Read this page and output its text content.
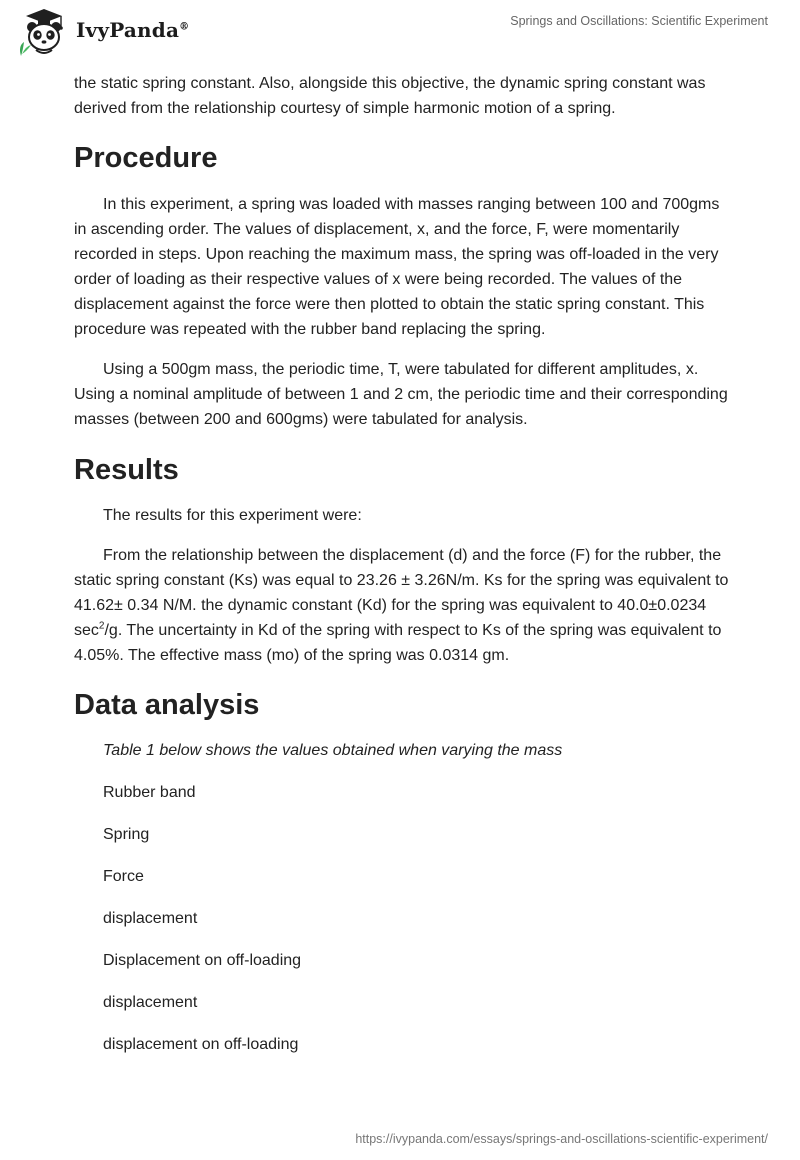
IvyPanda®	Springs and Oscillations: Scientific Experiment

the static spring constant. Also, alongside this objective, the dynamic spring constant was derived from the relationship courtesy of simple harmonic motion of a spring.

Procedure

In this experiment, a spring was loaded with masses ranging between 100 and 700gms in ascending order. The values of displacement, x, and the force, F, were momentarily recorded in steps. Upon reaching the maximum mass, the spring was off-loaded in the very order of loading as their respective values of x were being recorded. The values of the displacement against the force were then plotted to obtain the static spring constant. This procedure was repeated with the rubber band replacing the spring.

Using a 500gm mass, the periodic time, T, were tabulated for different amplitudes, x. Using a nominal amplitude of between 1 and 2 cm, the periodic time and their corresponding masses (between 200 and 600gms) were tabulated for analysis.

Results

The results for this experiment were:

From the relationship between the displacement (d) and the force (F) for the rubber, the static spring constant (Ks) was equal to 23.26 ± 3.26N/m. Ks for the spring was equivalent to 41.62± 0.34 N/M. the dynamic constant (Kd) for the spring was equivalent to 40.0±0.0234 $\sec^2/g$. The uncertainty in Kd of the spring with respect to Ks of the spring was equivalent to 4.05%. The effective mass (mo) of the spring was 0.0314 gm.

Data analysis

Table 1 below shows the values obtained when varying the mass

Rubber band

Spring

Force

displacement

Displacement on off-loading

displacement

displacement on off-loading

https://ivypanda.com/essays/springs-and-oscillations-scientific-experiment/
